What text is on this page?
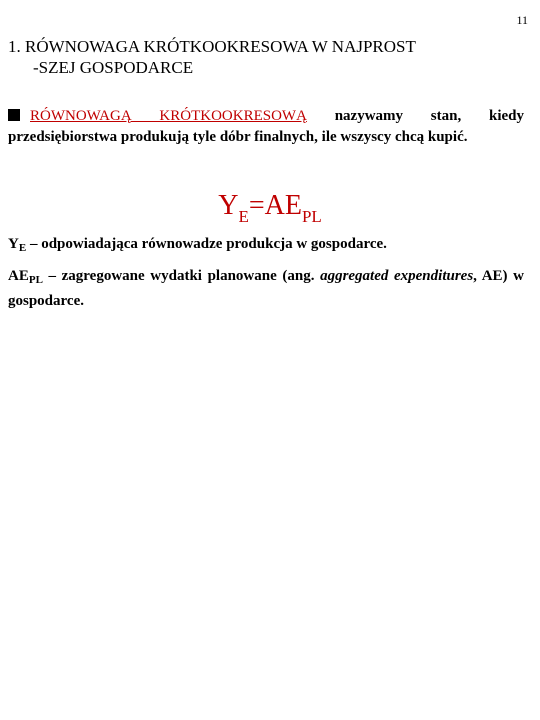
11
1. RÓWNOWAGA KRÓTKOOKRESOWA W NAJPROST
-SZEJ GOSPODARCE
RÓWNOWAGĄ KRÓTKOOKRESOWĄ nazywamy stan, kiedy przedsiębiorstwa produkują tyle dóbr finalnych, ile wszyscy chcą kupić.
$Y_E=AE_{PL}$
$Y_E$ – odpowiadająca równowadze produkcja w gospodarce.
$AE_{PL}$ – zagregowane wydatki planowane (ang. aggregated expenditures, AE) w gospodarce.
